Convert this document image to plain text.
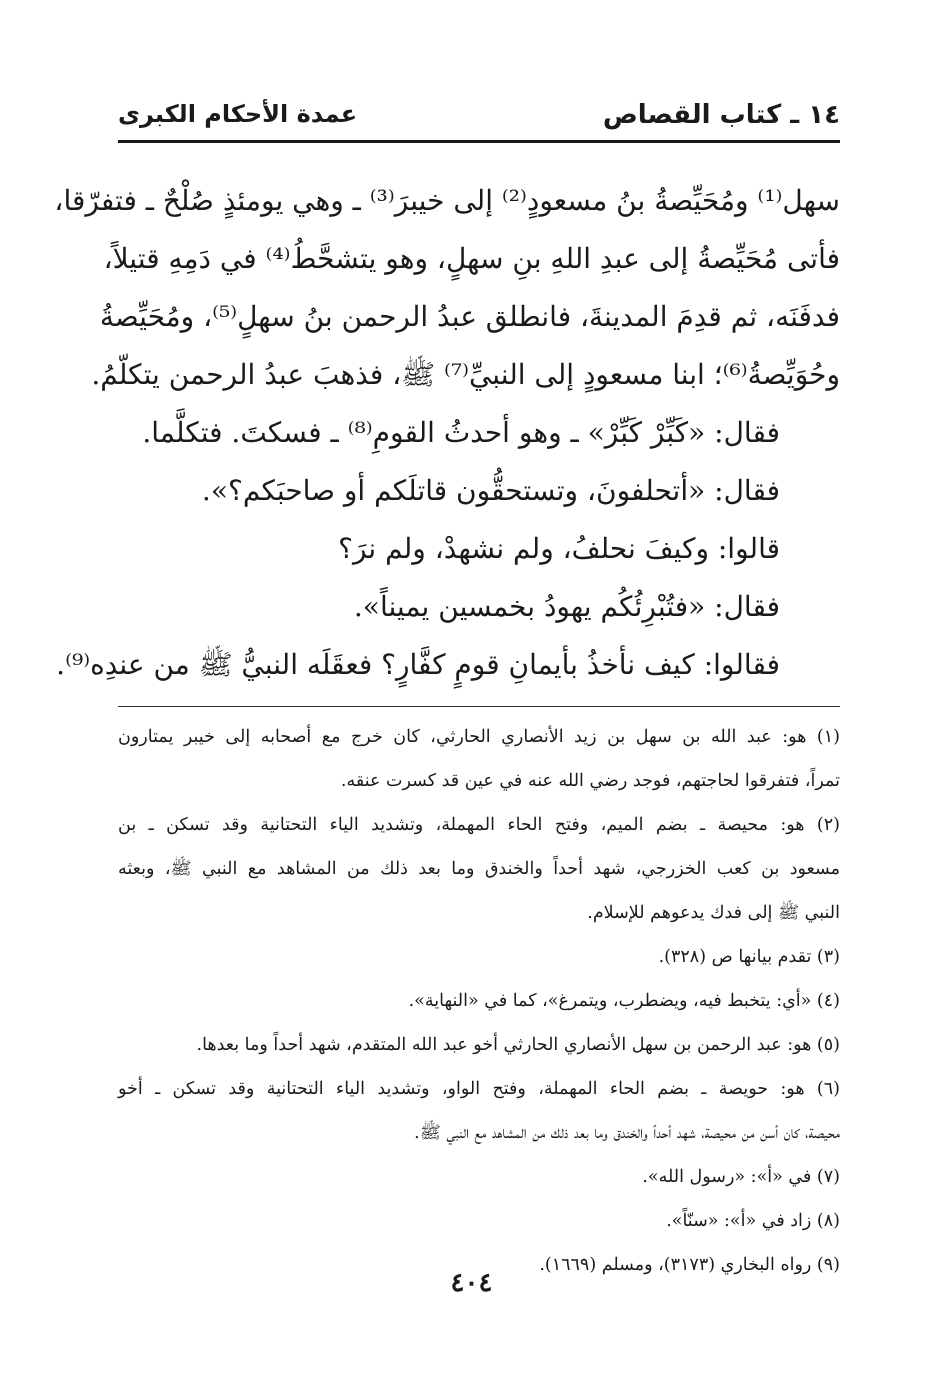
١٤ ـ كتاب القصاص
عمدة الأحكام الكبرى
سهل⁽¹⁾ ومُحَيِّصةُ بنُ مسعودٍ⁽²⁾ إلى خيبرَ⁽³⁾ ـ وهي يومئذٍ صُلْحٌ ـ فتفرّقا،
فأتى مُحَيِّصةُ إلى عبدِ اللهِ بنِ سهلٍ، وهو يتشحَّطُ⁽⁴⁾ في دَمِهِ قتيلاً،
فدفَنَه، ثم قدِمَ المدينةَ، فانطلق عبدُ الرحمن بنُ سهلٍ⁽⁵⁾، ومُحَيِّصةُ
وحُوَيِّصةُ⁽⁶⁾؛ ابنا مسعودٍ إلى النبيِّ⁽⁷⁾ ﷺ، فذهبَ عبدُ الرحمن يتكلّمُ.
فقال: «كَبِّرْ كَبِّرْ» ـ وهو أحدثُ القومِ⁽⁸⁾ ـ فسكتَ. فتكلَّما.
فقال: «أتحلفونَ، وتستحقُّون قاتلَكم أو صاحبَكم؟».
قالوا: وكيفَ نحلفُ، ولم نشهدْ، ولم نرَ؟
فقال: «فتُبْرِئُكُم يهودُ بخمسين يميناً».
فقالوا: كيف نأخذُ بأيمانِ قومٍ كفَّارٍ؟ فعقَلَه النبيُّ ﷺ من عندِه⁽⁹⁾.
(١) هو: عبد الله بن سهل بن زيد الأنصاري الحارثي، كان خرج مع أصحابه إلى خيبر يمتارون
تمراً، فتفرقوا لحاجتهم، فوجد رضي الله عنه في عين قد كسرت عنقه.
(٢) هو: محيصة ـ بضم الميم، وفتح الحاء المهملة، وتشديد الياء التحتانية وقد تسكن ـ بن
مسعود بن كعب الخزرجي، شهد أحداً والخندق وما بعد ذلك من المشاهد مع النبي ﷺ، وبعثه
النبي ﷺ إلى فدك يدعوهم للإسلام.
(٣) تقدم بيانها ص (٣٢٨).
(٤) «أي: يتخبط فيه، ويضطرب، ويتمرغ»، كما في «النهاية».
(٥) هو: عبد الرحمن بن سهل الأنصاري الحارثي أخو عبد الله المتقدم، شهد أحداً وما بعدها.
(٦) هو: حويصة ـ بضم الحاء المهملة، وفتح الواو، وتشديد الياء التحتانية وقد تسكن ـ أخو
محيصة، كان أسن من محيصة، شهد أحداً والخندق وما بعد ذلك من المشاهد مع النبي ﷺ.
(٧) في «أ»: «رسول الله».
(٨) زاد في «أ»: «سنّاً».
(٩) رواه البخاري (٣١٧٣)، ومسلم (١٦٦٩).
٤٠٤
